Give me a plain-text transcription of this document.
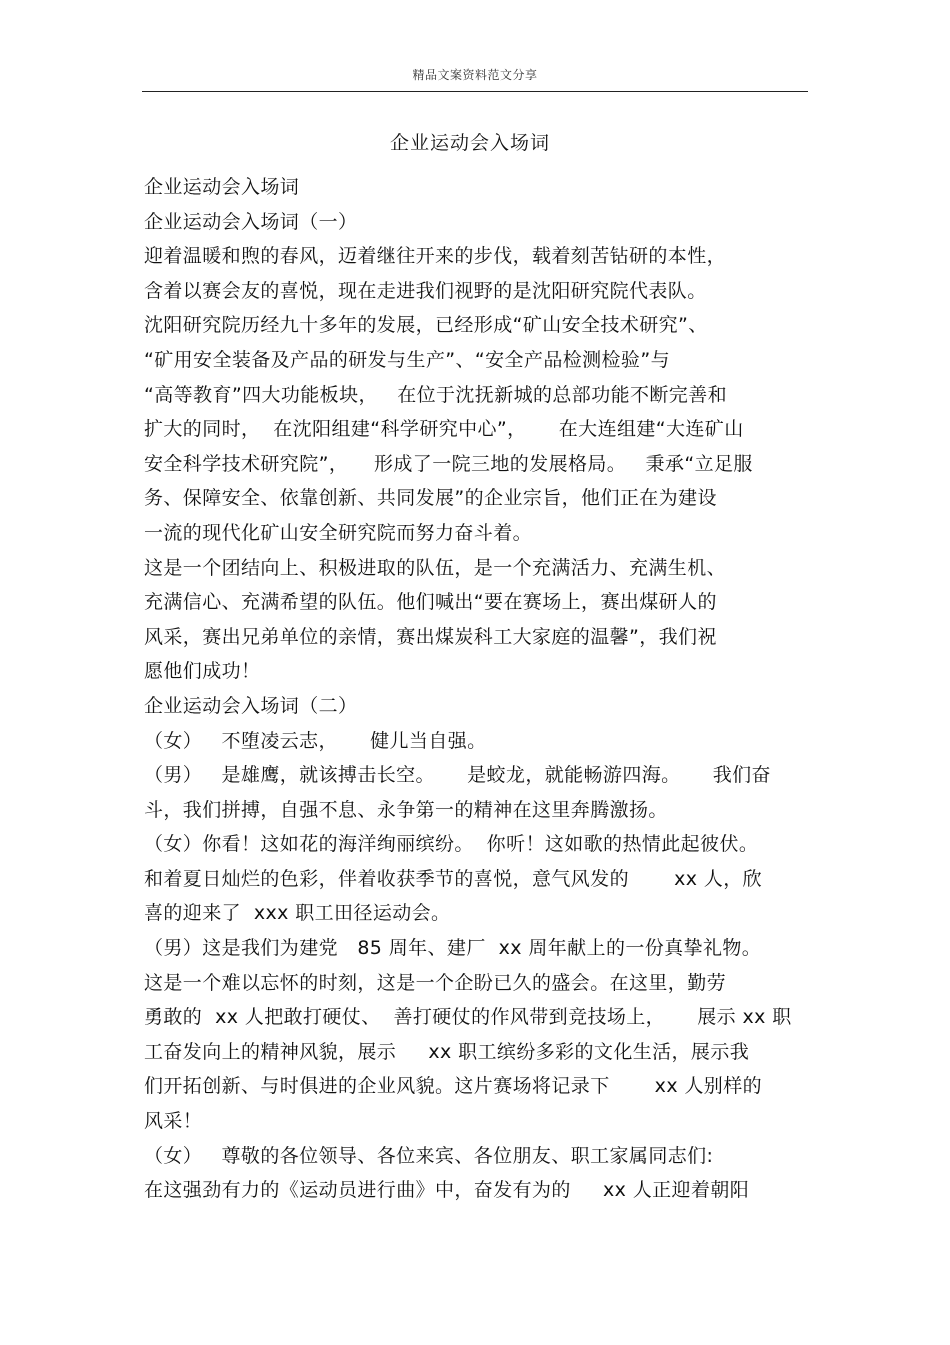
精品文案资料范文分享
企业运动会入场词
企业运动会入场词
企业运动会入场词（一）
迎着温暖和煦的春风，迈着继往开来的步伐，载着刻苦钻研的本性，
含着以赛会友的喜悦，现在走进我们视野的是沈阳研究院代表队。
沈阳研究院历经九十多年的发展，已经形成“矿山安全技术研究”、
“矿用安全装备及产品的研发与生产”、“安全产品检测检验”与
“高等教育”四大功能板块，   在位于沈抚新城的总部功能不断完善和
扩大的同时，  在沈阳组建“科学研究中心”，     在大连组建“大连矿山
安全科学技术研究院”，    形成了一院三地的发展格局。   秉承“立足服
务、保障安全、依靠创新、共同发展”的企业宗旨，他们正在为建设
一流的现代化矿山安全研究院而努力奋斗着。
这是一个团结向上、积极进取的队伍，是一个充满活力、充满生机、
充满信心、充满希望的队伍。他们喊出“要在赛场上，赛出煤研人的
风采，赛出兄弟单位的亲情，赛出煤炭科工大家庭的温馨”，我们祝
愿他们成功！
企业运动会入场词（二）
（女）   不堕凌云志，     健儿当自强。
（男）   是雄鹰，就该搏击长空。     是蛟龙，就能畅游四海。     我们奋
斗，我们拼搏，自强不息、永争第一的精神在这里奔腾激扬。
（女）你看！这如花的海洋绚丽缤纷。  你听！这如歌的热情此起彼伏。
和着夏日灿烂的色彩，伴着收获季节的喜悦，意气风发的       xx 人，欣
喜的迎来了  xxx 职工田径运动会。
（男）这是我们为建党   85 周年、建厂  xx 周年献上的一份真挚礼物。
这是一个难以忘怀的时刻，这是一个企盼已久的盛会。在这里，勤劳
勇敢的  xx 人把敢打硬仗、  善打硬仗的作风带到竞技场上，     展示 xx 职
工奋发向上的精神风貌，展示     xx 职工缤纷多彩的文化生活，展示我
们开拓创新、与时俱进的企业风貌。这片赛场将记录下       xx 人别样的
风采！
（女）   尊敬的各位领导、各位来宾、各位朋友、职工家属同志们:
在这强劲有力的《运动员进行曲》中，奋发有为的     xx 人正迎着朝阳
